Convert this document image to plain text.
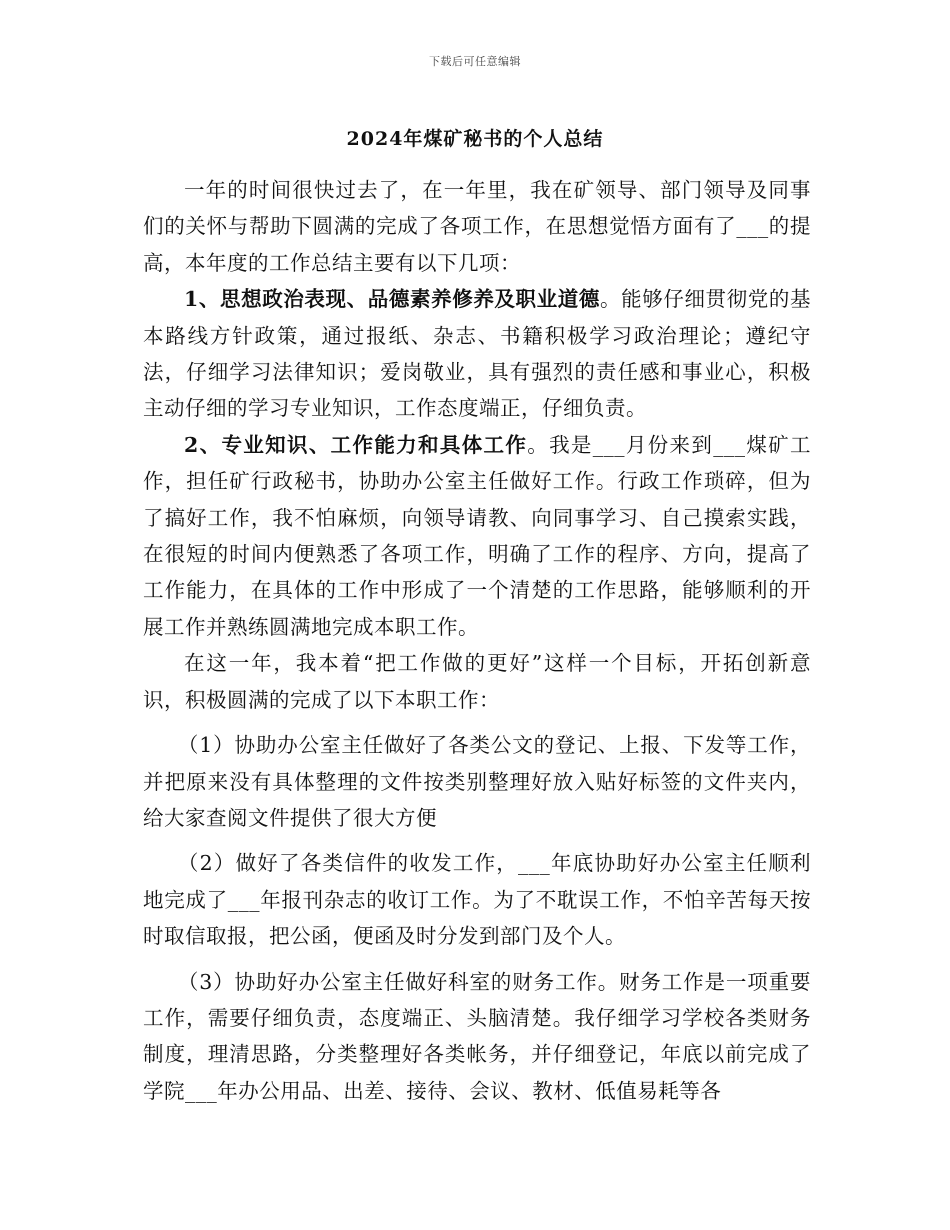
下载后可任意编辑
2024年煤矿秘书的个人总结

一年的时间很快过去了，在一年里，我在矿领导、部门领导及同事们的关怀与帮助下圆满的完成了各项工作，在思想觉悟方面有了___的提高，本年度的工作总结主要有以下几项：

1、思想政治表现、品德素养修养及职业道德。能够仔细贯彻党的基本路线方针政策，通过报纸、杂志、书籍积极学习政治理论；遵纪守法，仔细学习法律知识；爱岗敬业，具有强烈的责任感和事业心，积极主动仔细的学习专业知识，工作态度端正，仔细负责。

2、专业知识、工作能力和具体工作。我是___月份来到___煤矿工作，担任矿行政秘书，协助办公室主任做好工作。行政工作琐碎，但为了搞好工作，我不怕麻烦，向领导请教、向同事学习、自己摸索实践，在很短的时间内便熟悉了各项工作，明确了工作的程序、方向，提高了工作能力，在具体的工作中形成了一个清楚的工作思路，能够顺利的开展工作并熟练圆满地完成本职工作。

在这一年，我本着“把工作做的更好”这样一个目标，开拓创新意识，积极圆满的完成了以下本职工作：

（1）协助办公室主任做好了各类公文的登记、上报、下发等工作，并把原来没有具体整理的文件按类别整理好放入贴好标签的文件夹内，给大家查阅文件提供了很大方便

（2）做好了各类信件的收发工作，___年底协助好办公室主任顺利地完成了___年报刊杂志的收订工作。为了不耽误工作，不怕辛苦每天按时取信取报，把公函，便函及时分发到部门及个人。

（3）协助好办公室主任做好科室的财务工作。财务工作是一项重要工作，需要仔细负责，态度端正、头脑清楚。我仔细学习学校各类财务制度，理清思路，分类整理好各类帐务，并仔细登记，年底以前完成了学院___年办公用品、出差、接待、会议、教材、低值易耗等各
